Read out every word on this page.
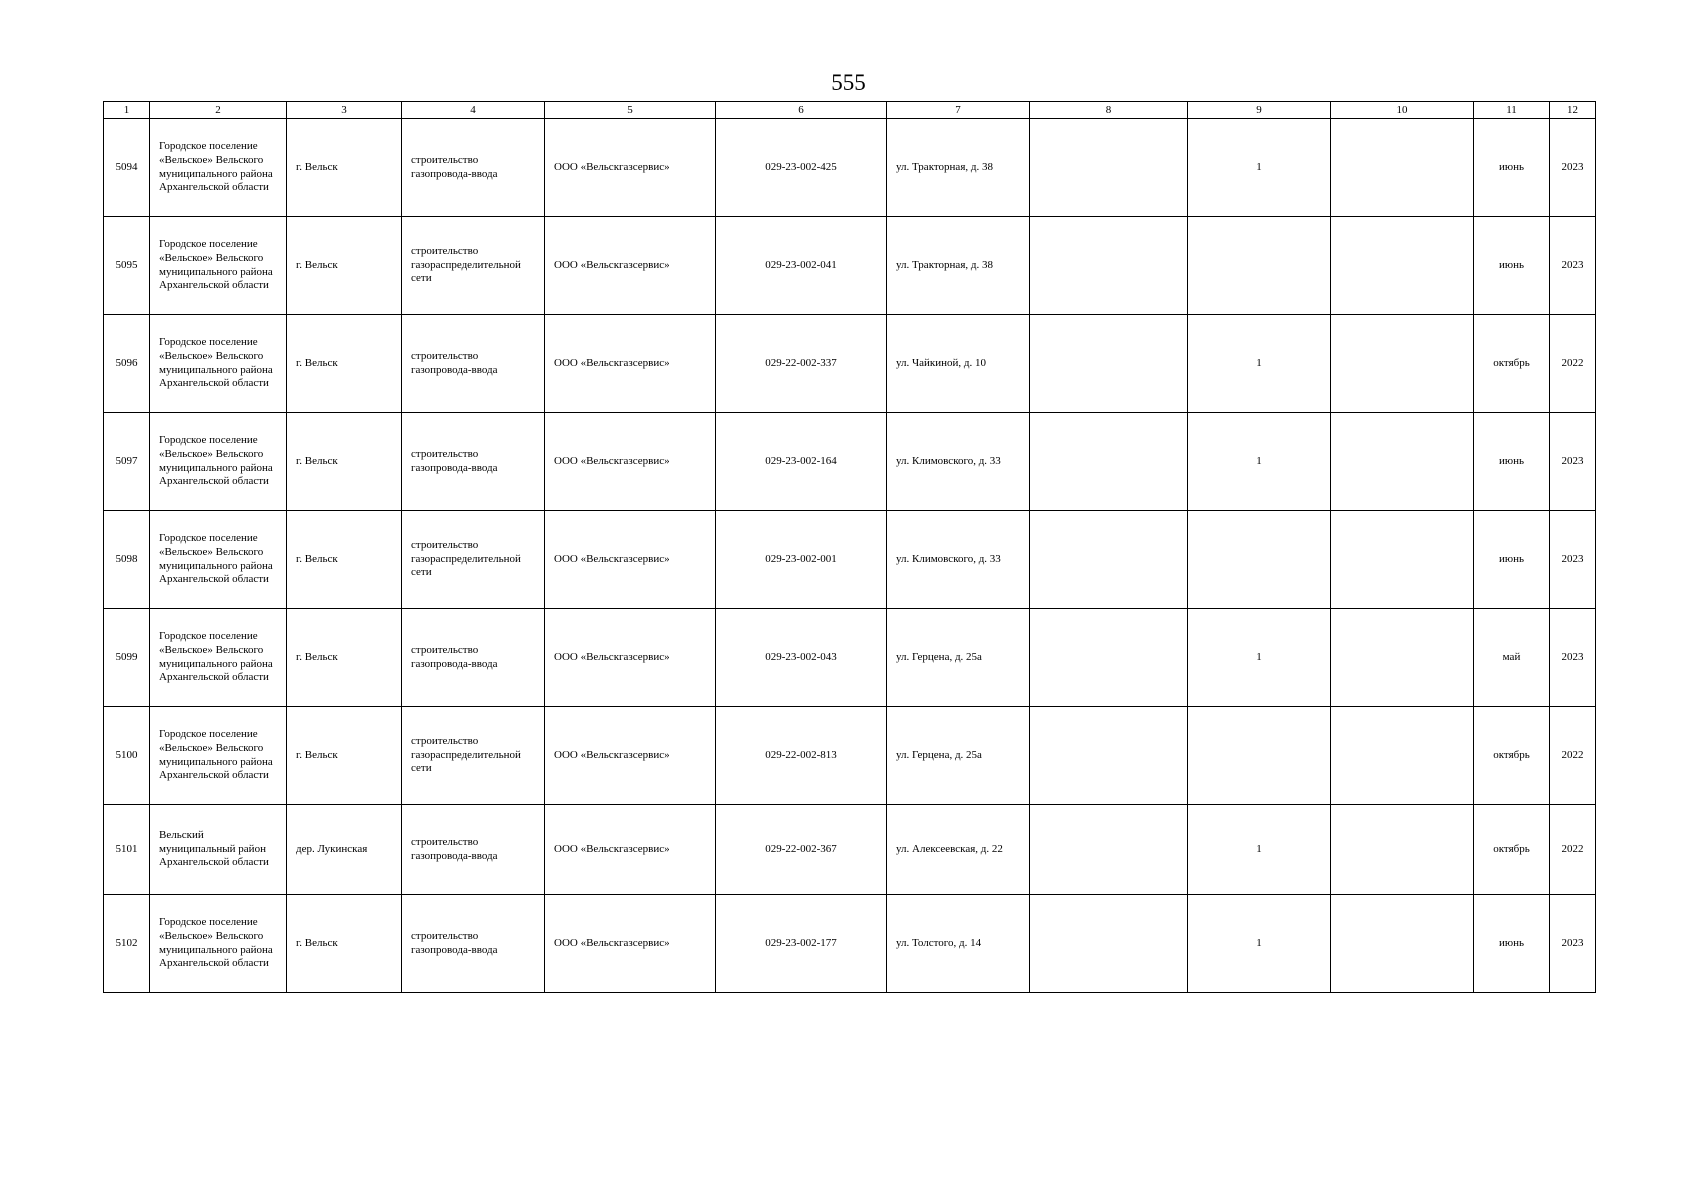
555
1	2	3	4	5	6	7	8	9	10	11	12
5094	Городское поселение «Вельское» Вельского муниципального района Архангельской области	г. Вельск	строительство газопровода-ввода	ООО «Вельскгазсервис»	029-23-002-425	ул. Тракторная, д. 38		1		июнь	2023
5095	Городское поселение «Вельское» Вельского муниципального района Архангельской области	г. Вельск	строительство газораспределительной сети	ООО «Вельскгазсервис»	029-23-002-041	ул. Тракторная, д. 38				июнь	2023
5096	Городское поселение «Вельское» Вельского муниципального района Архангельской области	г. Вельск	строительство газопровода-ввода	ООО «Вельскгазсервис»	029-22-002-337	ул. Чайкиной, д. 10		1		октябрь	2022
5097	Городское поселение «Вельское» Вельского муниципального района Архангельской области	г. Вельск	строительство газопровода-ввода	ООО «Вельскгазсервис»	029-23-002-164	ул. Климовского, д. 33		1		июнь	2023
5098	Городское поселение «Вельское» Вельского муниципального района Архангельской области	г. Вельск	строительство газораспределительной сети	ООО «Вельскгазсервис»	029-23-002-001	ул. Климовского, д. 33				июнь	2023
5099	Городское поселение «Вельское» Вельского муниципального района Архангельской области	г. Вельск	строительство газопровода-ввода	ООО «Вельскгазсервис»	029-23-002-043	ул. Герцена, д. 25а		1		май	2023
5100	Городское поселение «Вельское» Вельского муниципального района Архангельской области	г. Вельск	строительство газораспределительной сети	ООО «Вельскгазсервис»	029-22-002-813	ул. Герцена, д. 25а				октябрь	2022
5101	Вельский муниципальный район Архангельской области	дер. Лукинская	строительство газопровода-ввода	ООО «Вельскгазсервис»	029-22-002-367	ул. Алексеевская, д. 22		1		октябрь	2022
5102	Городское поселение «Вельское» Вельского муниципального района Архангельской области	г. Вельск	строительство газопровода-ввода	ООО «Вельскгазсервис»	029-23-002-177	ул. Толстого, д. 14		1		июнь	2023
